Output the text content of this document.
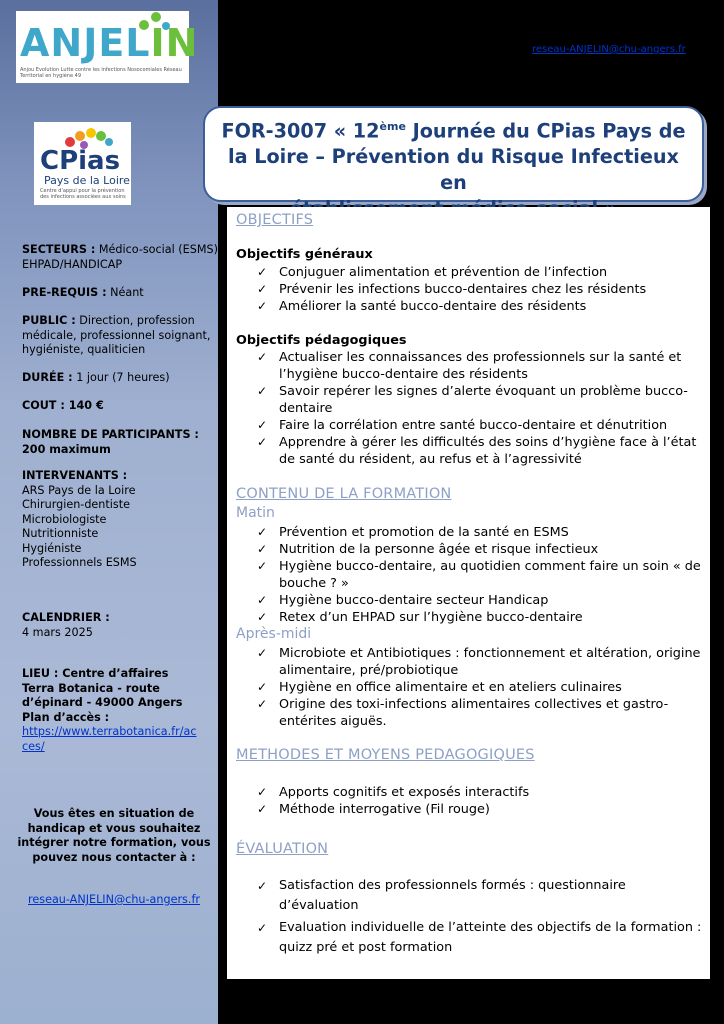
ANJELIN
Anjou Evolution Lutte contre les infections Nosocomiales Réseau Territorial en hygiène 49
CPias
Pays de la Loire
Centre d'appui pour la prévention des infections associées aux soins
reseau-ANJELIN@chu-angers.fr
SECTEURS : Médico-social (ESMS) EHPAD/HANDICAP
PRE-REQUIS : Néant
PUBLIC : Direction, profession médicale, professionnel soignant, hygiéniste, qualiticien
DURÉE : 1 jour (7 heures)
COUT : 140 €
NOMBRE DE PARTICIPANTS :
200 maximum
INTERVENANTS :
ARS Pays de la Loire
Chirurgien-dentiste
Microbiologiste
Nutritionniste
Hygiéniste
Professionnels ESMS
CALENDRIER :
4 mars 2025
LIEU : Centre d’affaires Terra Botanica - route d’épinard - 49000 Angers
Plan d’accès :
https://www.terrabotanica.fr/acces/
Vous êtes en situation de handicap et vous souhaitez intégrer notre formation, vous pouvez nous contacter à :
reseau-ANJELIN@chu-angers.fr
FOR-3007 « 12ème Journée du CPias Pays de
la Loire – Prévention du Risque Infectieux en

OBJECTIFS
Objectifs généraux
✓ Conjuguer alimentation et prévention de l’infection
✓ Prévenir les infections bucco-dentaires chez les résidents
✓ Améliorer la santé bucco-dentaire des résidents
Objectifs pédagogiques
✓ Actualiser les connaissances des professionnels sur la santé et l’hygiène bucco-dentaire des résidents
✓ Savoir repérer les signes d’alerte évoquant un problème bucco-dentaire
✓ Faire la corrélation entre santé bucco-dentaire et dénutrition
✓ Apprendre à gérer les difficultés des soins d’hygiène face à l’état de santé du résident, au refus et à l’agressivité
CONTENU DE LA FORMATION
Matin
✓ Prévention et promotion de la santé en ESMS
✓ Nutrition de la personne âgée et risque infectieux
✓ Hygiène bucco-dentaire, au quotidien comment faire un soin « de bouche ? »
✓ Hygiène bucco-dentaire secteur Handicap
✓ Retex d’un EHPAD sur l’hygiène bucco-dentaire
Après-midi
✓ Microbiote et Antibiotiques : fonctionnement et altération, origine alimentaire, pré/probiotique
✓ Hygiène en office alimentaire et en ateliers culinaires
✓ Origine des toxi-infections alimentaires collectives et gastro-entérites aiguës.
METHODES ET MOYENS PEDAGOGIQUES
✓ Apports cognitifs et exposés interactifs
✓ Méthode interrogative (Fil rouge)
ÉVALUATION
✓ Satisfaction des professionnels formés : questionnaire d’évaluation
✓ Evaluation individuelle de l’atteinte des objectifs de la formation : quizz pré et post formation
